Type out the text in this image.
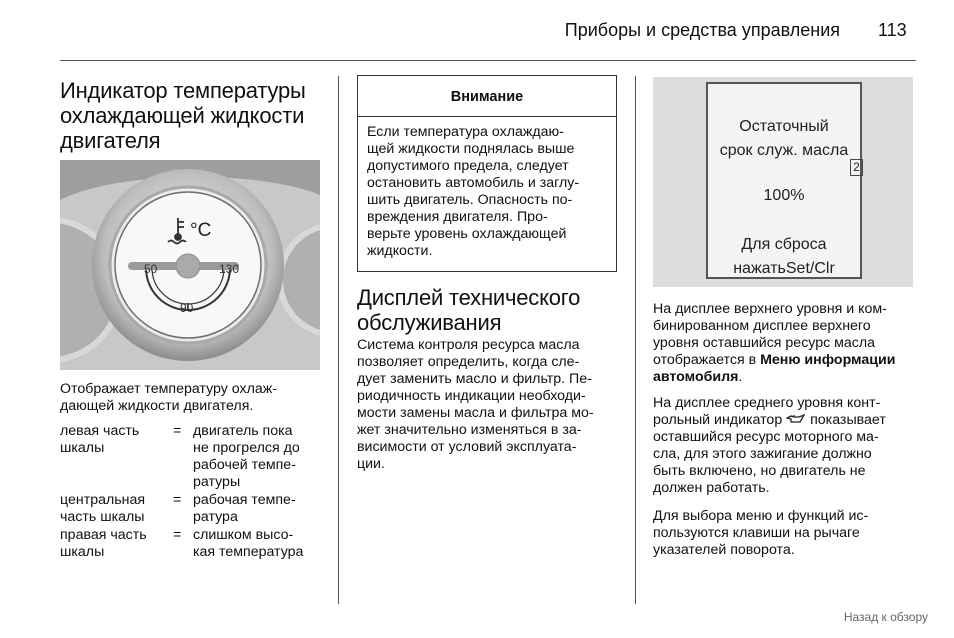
Приборы и средства управления 113
Индикатор температуры
охлаждающей жидкости
двигателя
°C
50
90
130
Отображает температуру охлаж-
дающей жидкости двигателя.
левая часть
шкалы
= двигатель пока
не прогрелся до
рабочей темпе-
ратуры
центральная
часть шкалы
= рабочая темпе-
ратура
правая часть
шкалы
= слишком высо-
кая температура
Внимание
Если температура охлаждаю-
щей жидкости поднялась выше
допустимого предела, следует
остановить автомобиль и заглу-
шить двигатель. Опасность по-
вреждения двигателя. Про-
верьте уровень охлаждающей
жидкости.
Дисплей технического
обслуживания
Система контроля ресурса масла
позволяет определить, когда сле-
дует заменить масло и фильтр. Пе-
риодичность индикации необходи-
мости замены масла и фильтра мо-
жет значительно изменяться в за-
висимости от условий эксплуата-
ции.
Остаточный
срок служ. масла
2
100%
Для сброса
нажатьSet/Clr
На дисплее верхнего уровня и ком-
бинированном дисплее верхнего
уровня оставшийся ресурс масла
отображается в Меню информации
автомобиля.
На дисплее среднего уровня конт-
рольный индикатор  показывает
оставшийся ресурс моторного ма-
сла, для этого зажигание должно
быть включено, но двигатель не
должен работать.
Для выбора меню и функций ис-
пользуются клавиши на рычаге
указателей поворота.
Назад к обзору
